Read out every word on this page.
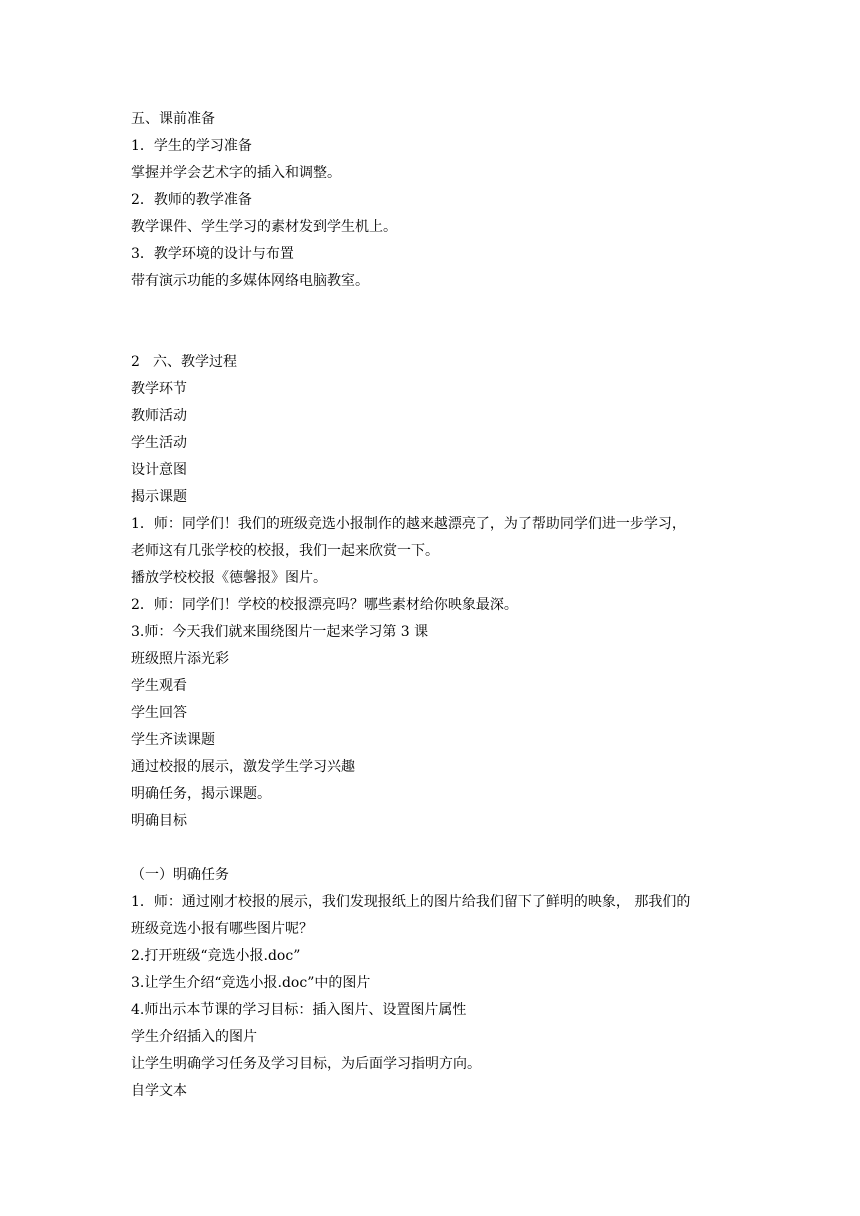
五、课前准备
1．学生的学习准备
掌握并学会艺术字的插入和调整。
2．教师的教学准备
教学课件、学生学习的素材发到学生机上。
3．教学环境的设计与布置
带有演示功能的多媒体网络电脑教室。
2 六、教学过程
教学环节
教师活动
学生活动
设计意图
揭示课题
1．师：同学们！我们的班级竞选小报制作的越来越漂亮了，为了帮助同学们进一步学习，
老师这有几张学校的校报，我们一起来欣赏一下。
播放学校校报《德馨报》图片。
2．师：同学们！学校的校报漂亮吗？哪些素材给你映象最深。
3.师：今天我们就来围绕图片一起来学习第 3 课
班级照片添光彩
学生观看
学生回答
学生齐读课题
通过校报的展示，激发学生学习兴趣
明确任务，揭示课题。
明确目标
（一）明确任务
1．师：通过刚才校报的展示，我们发现报纸上的图片给我们留下了鲜明的映象， 那我们的
班级竞选小报有哪些图片呢？
2.打开班级“竞选小报.doc”
3.让学生介绍“竞选小报.doc”中的图片
4.师出示本节课的学习目标：插入图片、设置图片属性
学生介绍插入的图片
让学生明确学习任务及学习目标，为后面学习指明方向。
自学文本
